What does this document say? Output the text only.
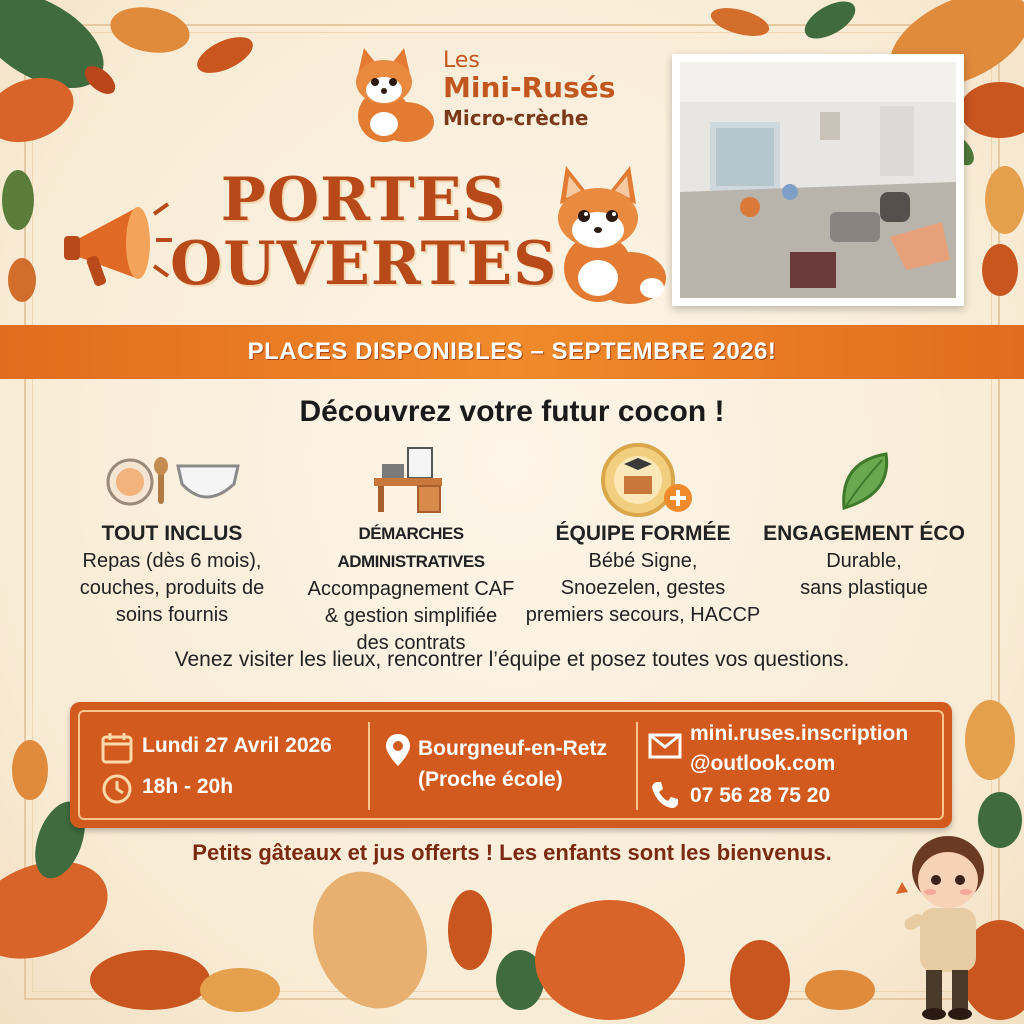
Les
Mini-Rusés
Micro-crèche
PORTES
OUVERTES
PLACES DISPONIBLES – SEPTEMBRE 2026!
Découvrez votre futur cocon !
TOUT INCLUS
Repas (dès 6 mois),
couches, produits de
soins fournis
DÉMARCHES ADMINISTRATIVES
Accompagnement CAF
& gestion simplifiée
des contrats
ÉQUIPE FORMÉE
Bébé Signe,
Snoezelen, gestes
premiers secours, HACCP
ENGAGEMENT ÉCO
Durable,
sans plastique
Venez visiter les lieux, rencontrer l’équipe et posez toutes vos questions.
Lundi 27 Avril 2026
18h - 20h
Bourgneuf-en-Retz
(Proche école)
mini.ruses.inscription
@outlook.com
07 56 28 75 20
Petits gâteaux et jus offerts ! Les enfants sont les bienvenus.
